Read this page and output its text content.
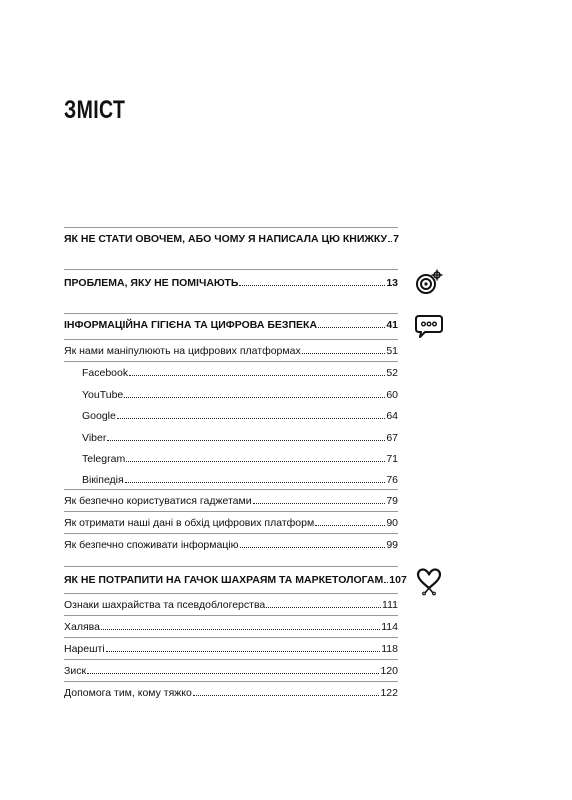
ЗМІСТ
ЯК НЕ СТАТИ ОВОЧЕМ, АБО ЧОМУ Я НАПИСАЛА ЦЮ КНИЖКУ 7
ПРОБЛЕМА, ЯКУ НЕ ПОМІЧАЮТЬ	13
ІНФОРМАЦІЙНА ГІГІЄНА ТА ЦИФРОВА БЕЗПЕКА	41
Як нами маніпулюють на цифрових платформах	51
Facebook	52
YouTube	60
Google	64
Viber	67
Telegram	71
Вікіпедія	76
Як безпечно користуватися гаджетами	79
Як отримати наші дані в обхід цифрових платформ	90
Як безпечно споживати інформацію	99
ЯК НЕ ПОТРАПИТИ НА ГАЧОК ШАХРАЯМ ТА МАРКЕТОЛОГАМ 107
Ознаки шахрайства та псевдоблогерства	111
Халява	114
Нарешті	118
Зиск	120
Допомога тим, кому тяжко	122
